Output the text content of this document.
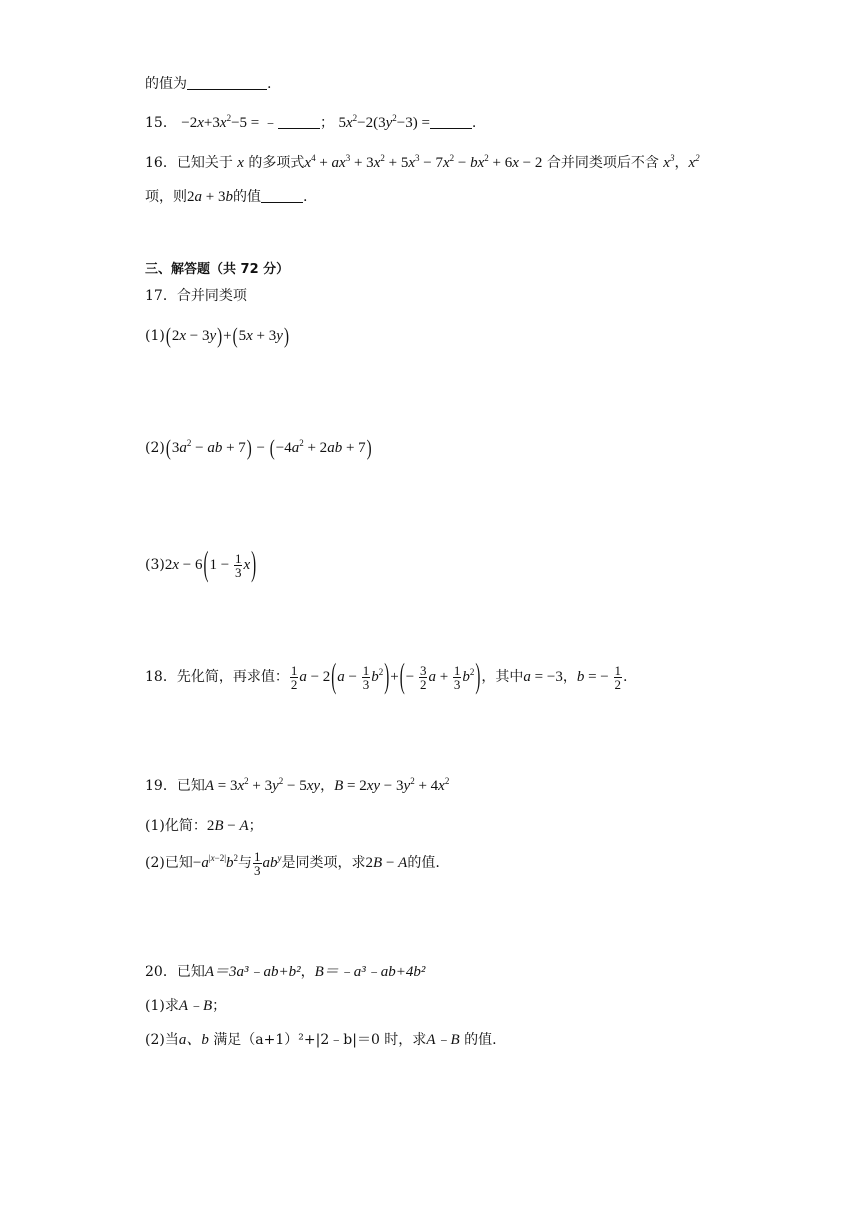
的值为	.
15． $-2x+3x^2-5$ = ﹣	； $5x^2-2(3y^2-3)$ =	.
16．已知关于 x 的多项式$x^4 + ax^3 + 3x^2 + 5x^3 - 7x^2 - bx^2 + 6x - 2$ 合并同类项后不含 $x^3$，$x^2$
项，则2a + 3b的值	.
三、解答题（共 72 分）
17．合并同类项
(1)(2x − 3y)+(5x + 3y)
$(2)(3a^2$ − ab + $7) - (-4a^2 + 2ab + 7)$
$(3)2x - 6(1 - \frac{1}{3} x)$
18．先化简，再求值： $\frac{1}{2}$ $a - 2(a - \frac{1}{3} b^2)+(- \frac{3}{2}$ $a + \frac{1}{3} b^2$)，其中a = −3，b = − $\frac{1}{2}$ .
19．已知$A = 3x^2 + 3y^2 - 5xy$，$B = 2xy - 3y^2 + 4x^2$
(1)化简：2B − A；
(2)已知$-a^{|x-2|}b^2$与 $\frac{1}{3} ab^y$是同类项，求2B − A的值.
20．已知A＝3a³﹣ab+b²，B＝﹣a³﹣ab+4b²
(1)求A﹣B；
(2)当a、b 满足（a+1）²+|2﹣b|＝0 时，求A﹣B 的值.
